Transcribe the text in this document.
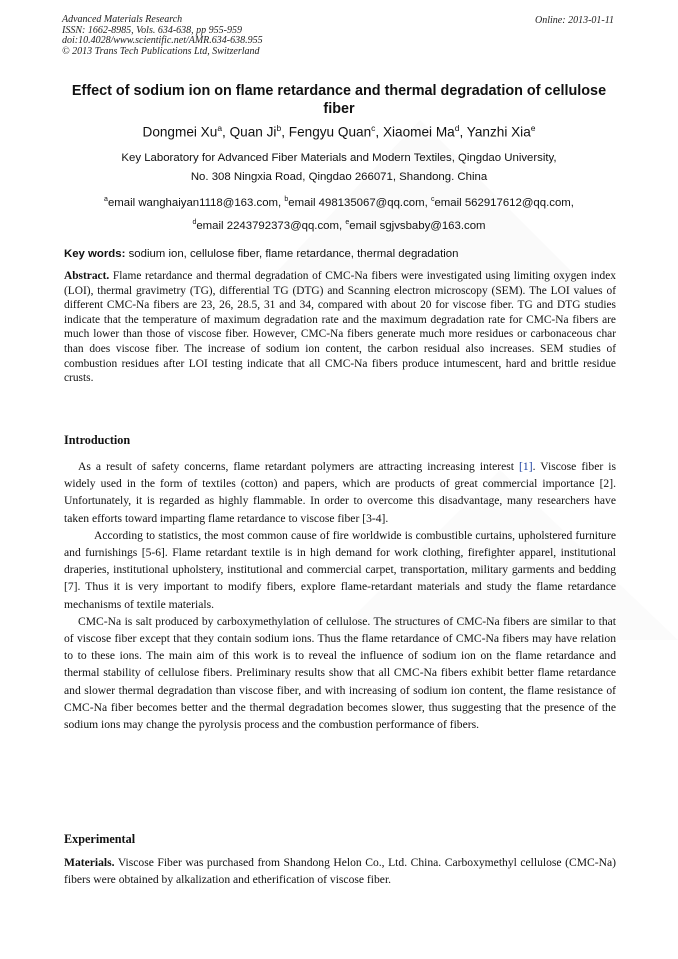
Advanced Materials Research
ISSN: 1662-8985, Vols. 634-638, pp 955-959
doi:10.4028/www.scientific.net/AMR.634-638.955
© 2013 Trans Tech Publications Ltd, Switzerland
Online: 2013-01-11
Effect of sodium ion on flame retardance and thermal degradation of cellulose fiber
Dongmei Xu$^a$, Quan Ji$^b$, Fengyu Quan$^c$, Xiaomei Ma$^d$, Yanzhi Xia$^e$
Key Laboratory for Advanced Fiber Materials and Modern Textiles, Qingdao University,
No. 308 Ningxia Road, Qingdao 266071, Shandong. China
$^a$email wanghaiyan1118@163.com, $^b$email 498135067@qq.com, $^c$email 562917612@qq.com,
$^d$email 2243792373@qq.com, $^e$email sgjvsbaby@163.com
Key words: sodium ion, cellulose fiber, flame retardance, thermal degradation
Abstract. Flame retardance and thermal degradation of CMC-Na fibers were investigated using limiting oxygen index (LOI), thermal gravimetry (TG), differential TG (DTG) and Scanning electron microscopy (SEM). The LOI values of different CMC-Na fibers are 23, 26, 28.5, 31 and 34, compared with about 20 for viscose fiber. TG and DTG studies indicate that the temperature of maximum degradation rate and the maximum degradation rate for CMC-Na fibers are much lower than those of viscose fiber. However, CMC-Na fibers generate much more residues or carbonaceous char than does viscose fiber. The increase of sodium ion content, the carbon residual also increases. SEM studies of combustion residues after LOI testing indicate that all CMC-Na fibers produce intumescent, hard and brittle residue crusts.
Introduction

As a result of safety concerns, flame retardant polymers are attracting increasing interest [1]. Viscose fiber is widely used in the form of textiles (cotton) and papers, which are products of great commercial importance [2]. Unfortunately, it is regarded as highly flammable. In order to overcome this disadvantage, many researchers have taken efforts toward imparting flame retardance to viscose fiber [3-4].

According to statistics, the most common cause of fire worldwide is combustible curtains, upholstered furniture and furnishings [5-6]. Flame retardant textile is in high demand for work clothing, firefighter apparel, institutional draperies, institutional upholstery, institutional and commercial carpet, transportation, military garments and bedding [7]. Thus it is very important to modify fibers, explore flame-retardant materials and study the flame retardance mechanisms of textile materials.

CMC-Na is salt produced by carboxymethylation of cellulose. The structures of CMC-Na fibers are similar to that of viscose fiber except that they contain sodium ions. Thus the flame retardance of CMC-Na fibers may have relation to to these ions. The main aim of this work is to reveal the influence of sodium ion on the flame retardance and thermal stability of cellulose fibers. Preliminary results show that all CMC-Na fibers exhibit better flame retardance and slower thermal degradation than viscose fiber, and with increasing of sodium ion content, the flame resistance of CMC-Na fiber becomes better and the thermal degradation becomes slower, thus suggesting that the presence of the sodium ions may change the pyrolysis process and the combustion performance of fibers.

Experimental
Materials. Viscose Fiber was purchased from Shandong Helon Co., Ltd. China. Carboxymethyl cellulose (CMC-Na) fibers were obtained by alkalization and etherification of viscose fiber.
